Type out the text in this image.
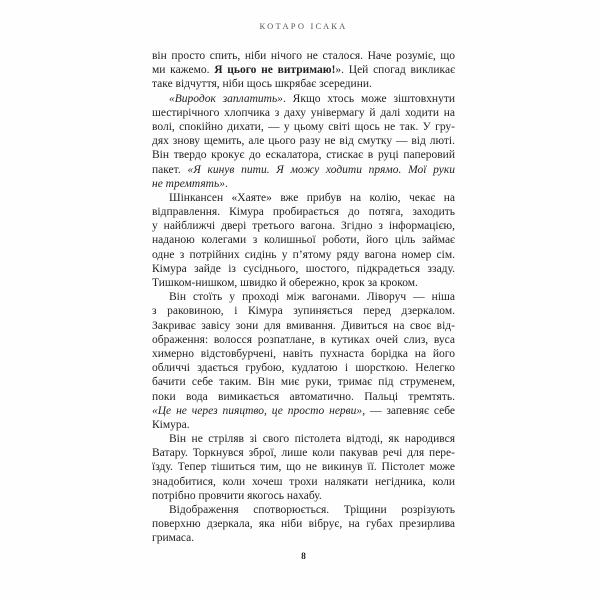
КОТАРО ІСАКА
він просто спить, ніби нічого не сталося. Наче розуміє, що
ми кажемо. Я цього не витримаю!». Цей спогад викликає
таке відчуття, ніби щось шкрябає зсередини.
«Виродок заплатить». Якщо хтось може зіштовхнути
шестирічного хлопчика з даху універмагу й далі ходити на
волі, спокійно дихати, — у цьому світі щось не так. У гру-
дях знову щемить, але цього разу не від смутку — від люті.
Він твердо крокує до ескалатора, стискає в руці паперовий
пакет. «Я кинув пити. Я можу ходити прямо. Мої руки
не тремтять».
Шінкансен «Хаяте» вже прибув на колію, чекає на
відправлення. Кімура пробирається до потяга, заходить
у найближчі двері третього вагона. Згідно з інформацією,
наданою колегами з колишньої роботи, його ціль займає
одне з потрійних сидінь у п’ятому ряду вагона номер сім.
Кімура зайде із сусіднього, шостого, підкрадеться ззаду.
Тишком-нишком, швидко й обережно, крок за кроком.
Він стоїть у проході між вагонами. Ліворуч — ніша
з раковиною, і Кімура зупиняється перед дзеркалом.
Закриває завісу зони для вмивання. Дивиться на своє від-
ображення: волосся розпатлане, в кутиках очей слиз, вуса
химерно відстовбурчені, навіть пухнаста борідка на його
обличчі здається грубою, кудлатою і шорсткою. Нелегко
бачити себе таким. Він миє руки, тримає під струменем,
поки вода вимикається автоматично. Пальці тремтять.
«Це не через пияцтво, це просто нерви», — запевняє себе
Кімура.
Він не стріляв зі свого пістолета відтоді, як народився
Ватару. Торкнувся зброї, лише коли пакував речі для пере-
їзду. Тепер тішиться тим, що не викинув її. Пістолет може
знадобитися, коли хочеш трохи налякати негідника, коли
потрібно провчити якогось нахабу.
Відображення спотворюється. Тріщини розрізують
поверхню дзеркала, яка ніби вібрує, на губах презирлива
гримаса.
8
